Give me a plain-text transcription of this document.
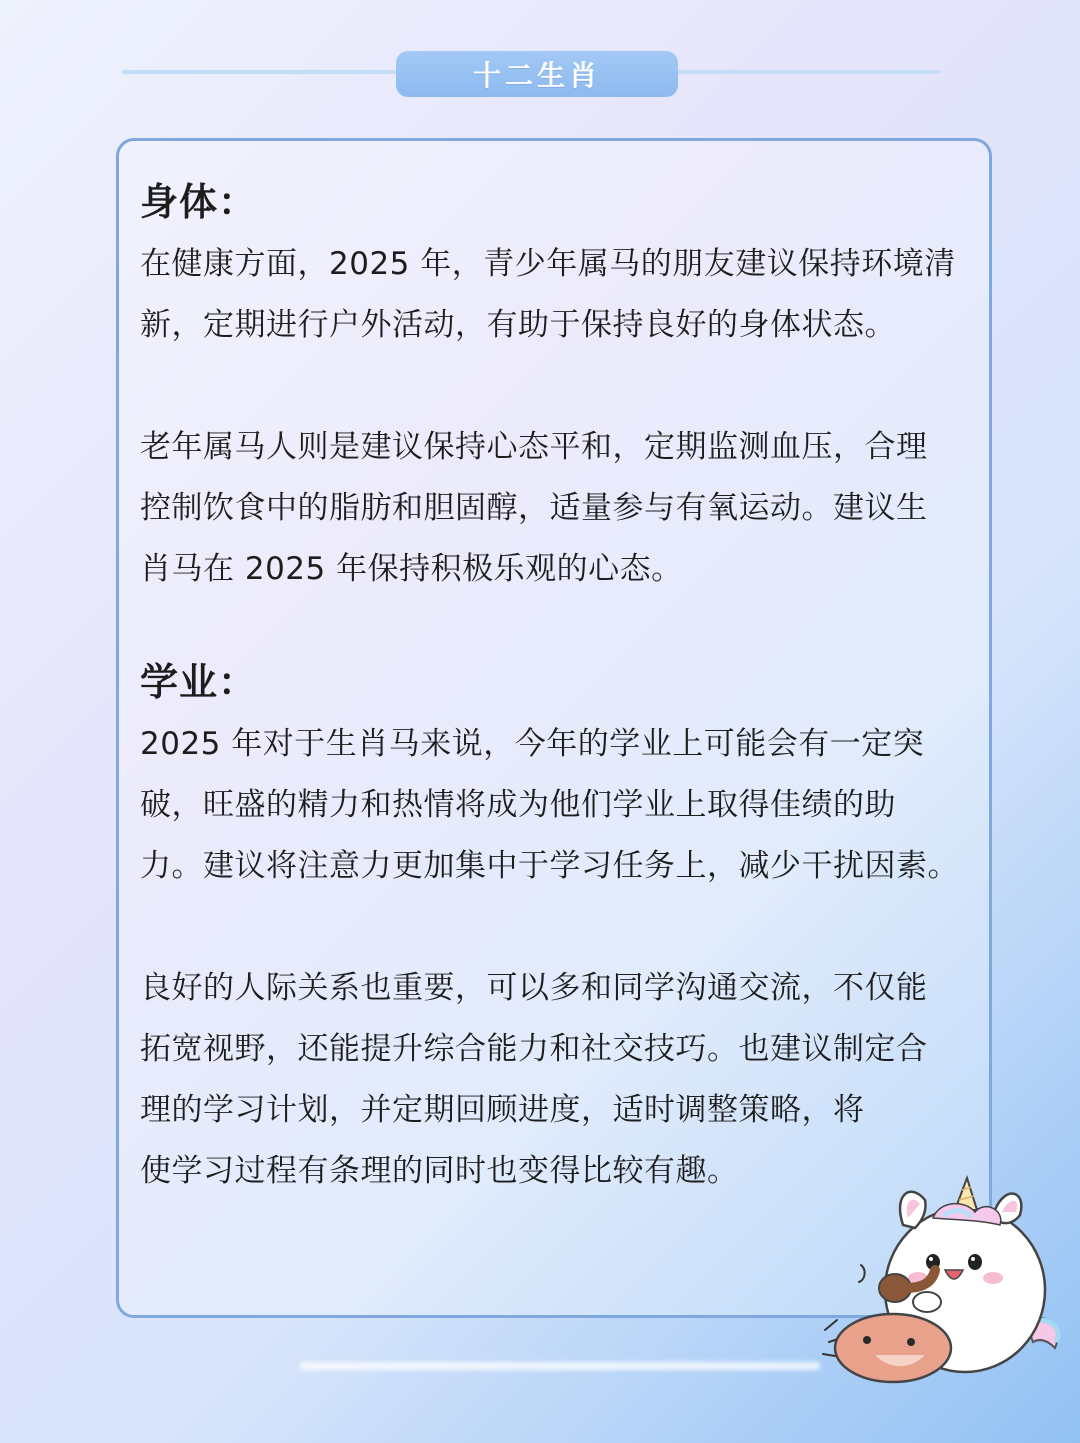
十二生肖
身体：

在健康方面，2025 年，青少年属马的朋友建议保持环境清
新，定期进行户外活动，有助于保持良好的身体状态。

老年属马人则是建议保持心态平和，定期监测血压，合理
控制饮食中的脂肪和胆固醇，适量参与有氧运动。建议生
肖马在 2025 年保持积极乐观的心态。

学业：

2025 年对于生肖马来说，今年的学业上可能会有一定突
破，旺盛的精力和热情将成为他们学业上取得佳绩的助
力。建议将注意力更加集中于学习任务上，减少干扰因素。

良好的人际关系也重要，可以多和同学沟通交流，不仅能
拓宽视野，还能提升综合能力和社交技巧。也建议制定合
理的学习计划，并定期回顾进度，适时调整策略，将
使学习过程有条理的同时也变得比较有趣。
